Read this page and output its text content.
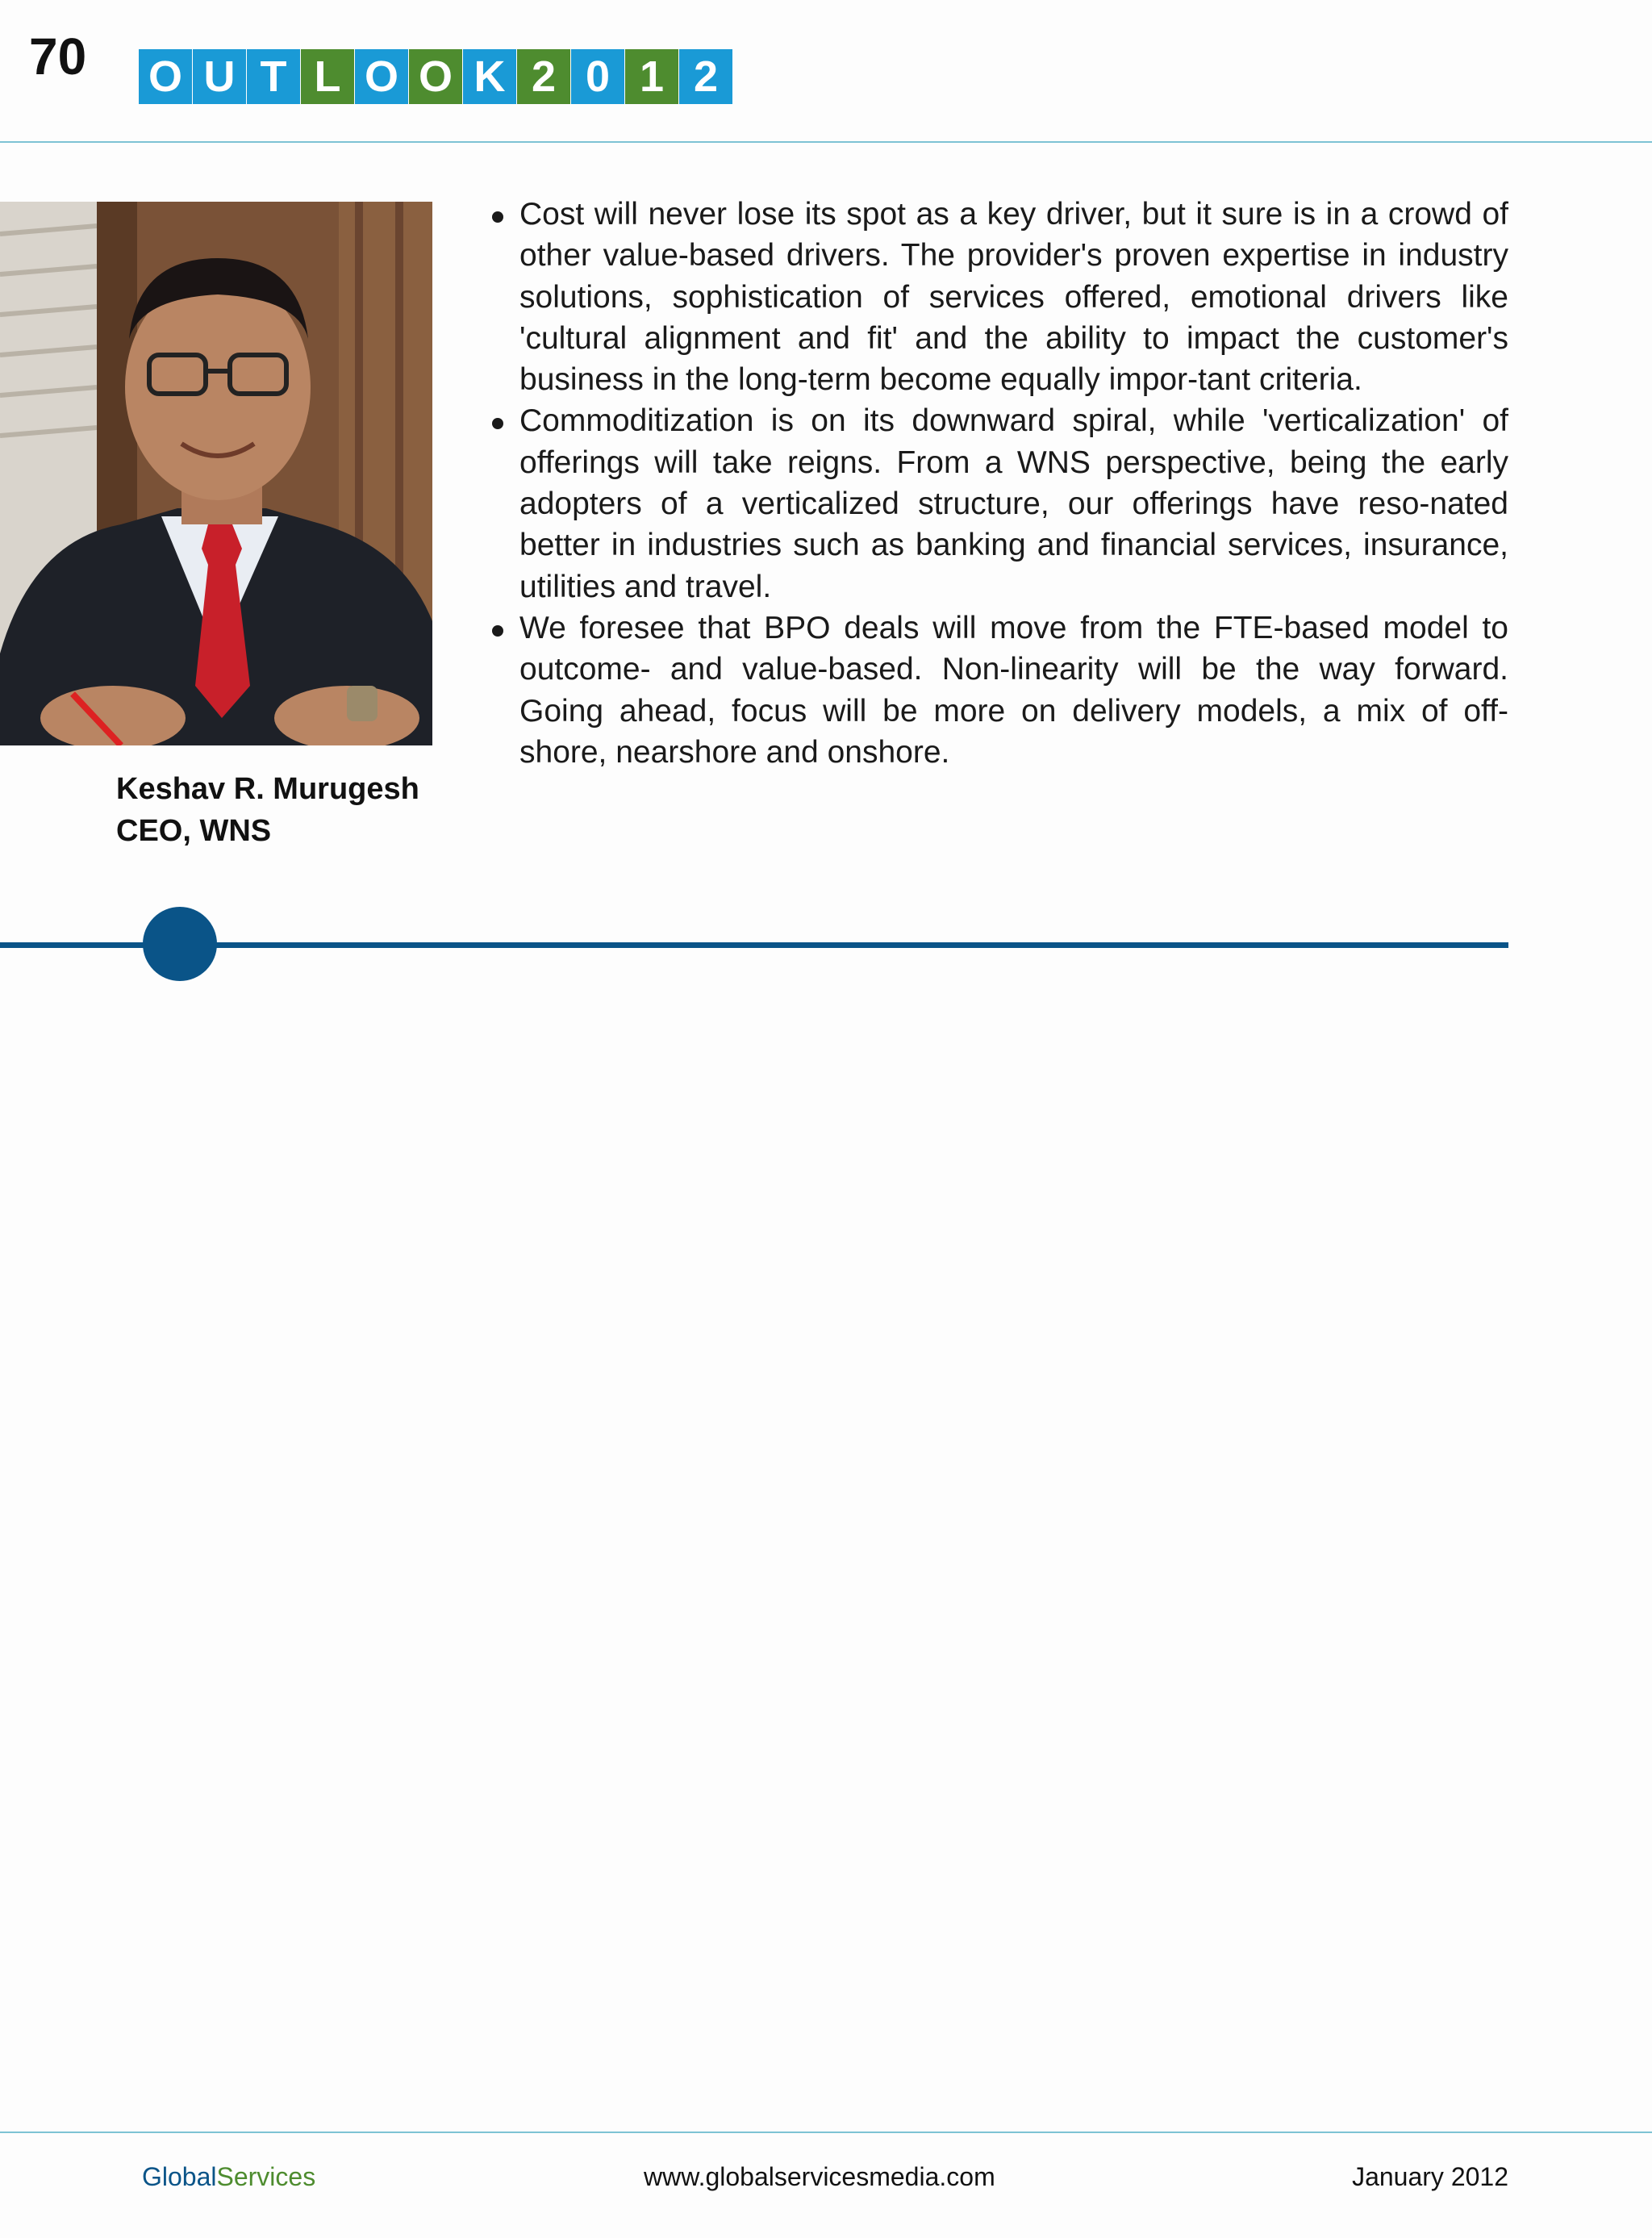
70 O U T L O O K 2 0 1 2
Keshav R. Murugesh
CEO, WNS
Cost will never lose its spot as a key driver, but it sure is in a crowd of other value-based drivers. The provider's proven expertise in industry solutions, sophistication of services offered, emotional drivers like 'cultural alignment and fit' and the ability to impact the customer's business in the long-term become equally impor-tant criteria.
Commoditization is on its downward spiral, while 'verticalization' of offerings will take reigns. From a WNS perspective, being the early adopters of a verticalized structure, our offerings have reso-nated better in industries such as banking and financial services, insurance, utilities and travel.
We foresee that BPO deals will move from the FTE-based model to outcome- and value-based. Non-linearity will be the way forward. Going ahead, focus will be more on delivery models, a mix of off-shore, nearshore and onshore.
GlobalServices	www.globalservicesmedia.com	January 2012
